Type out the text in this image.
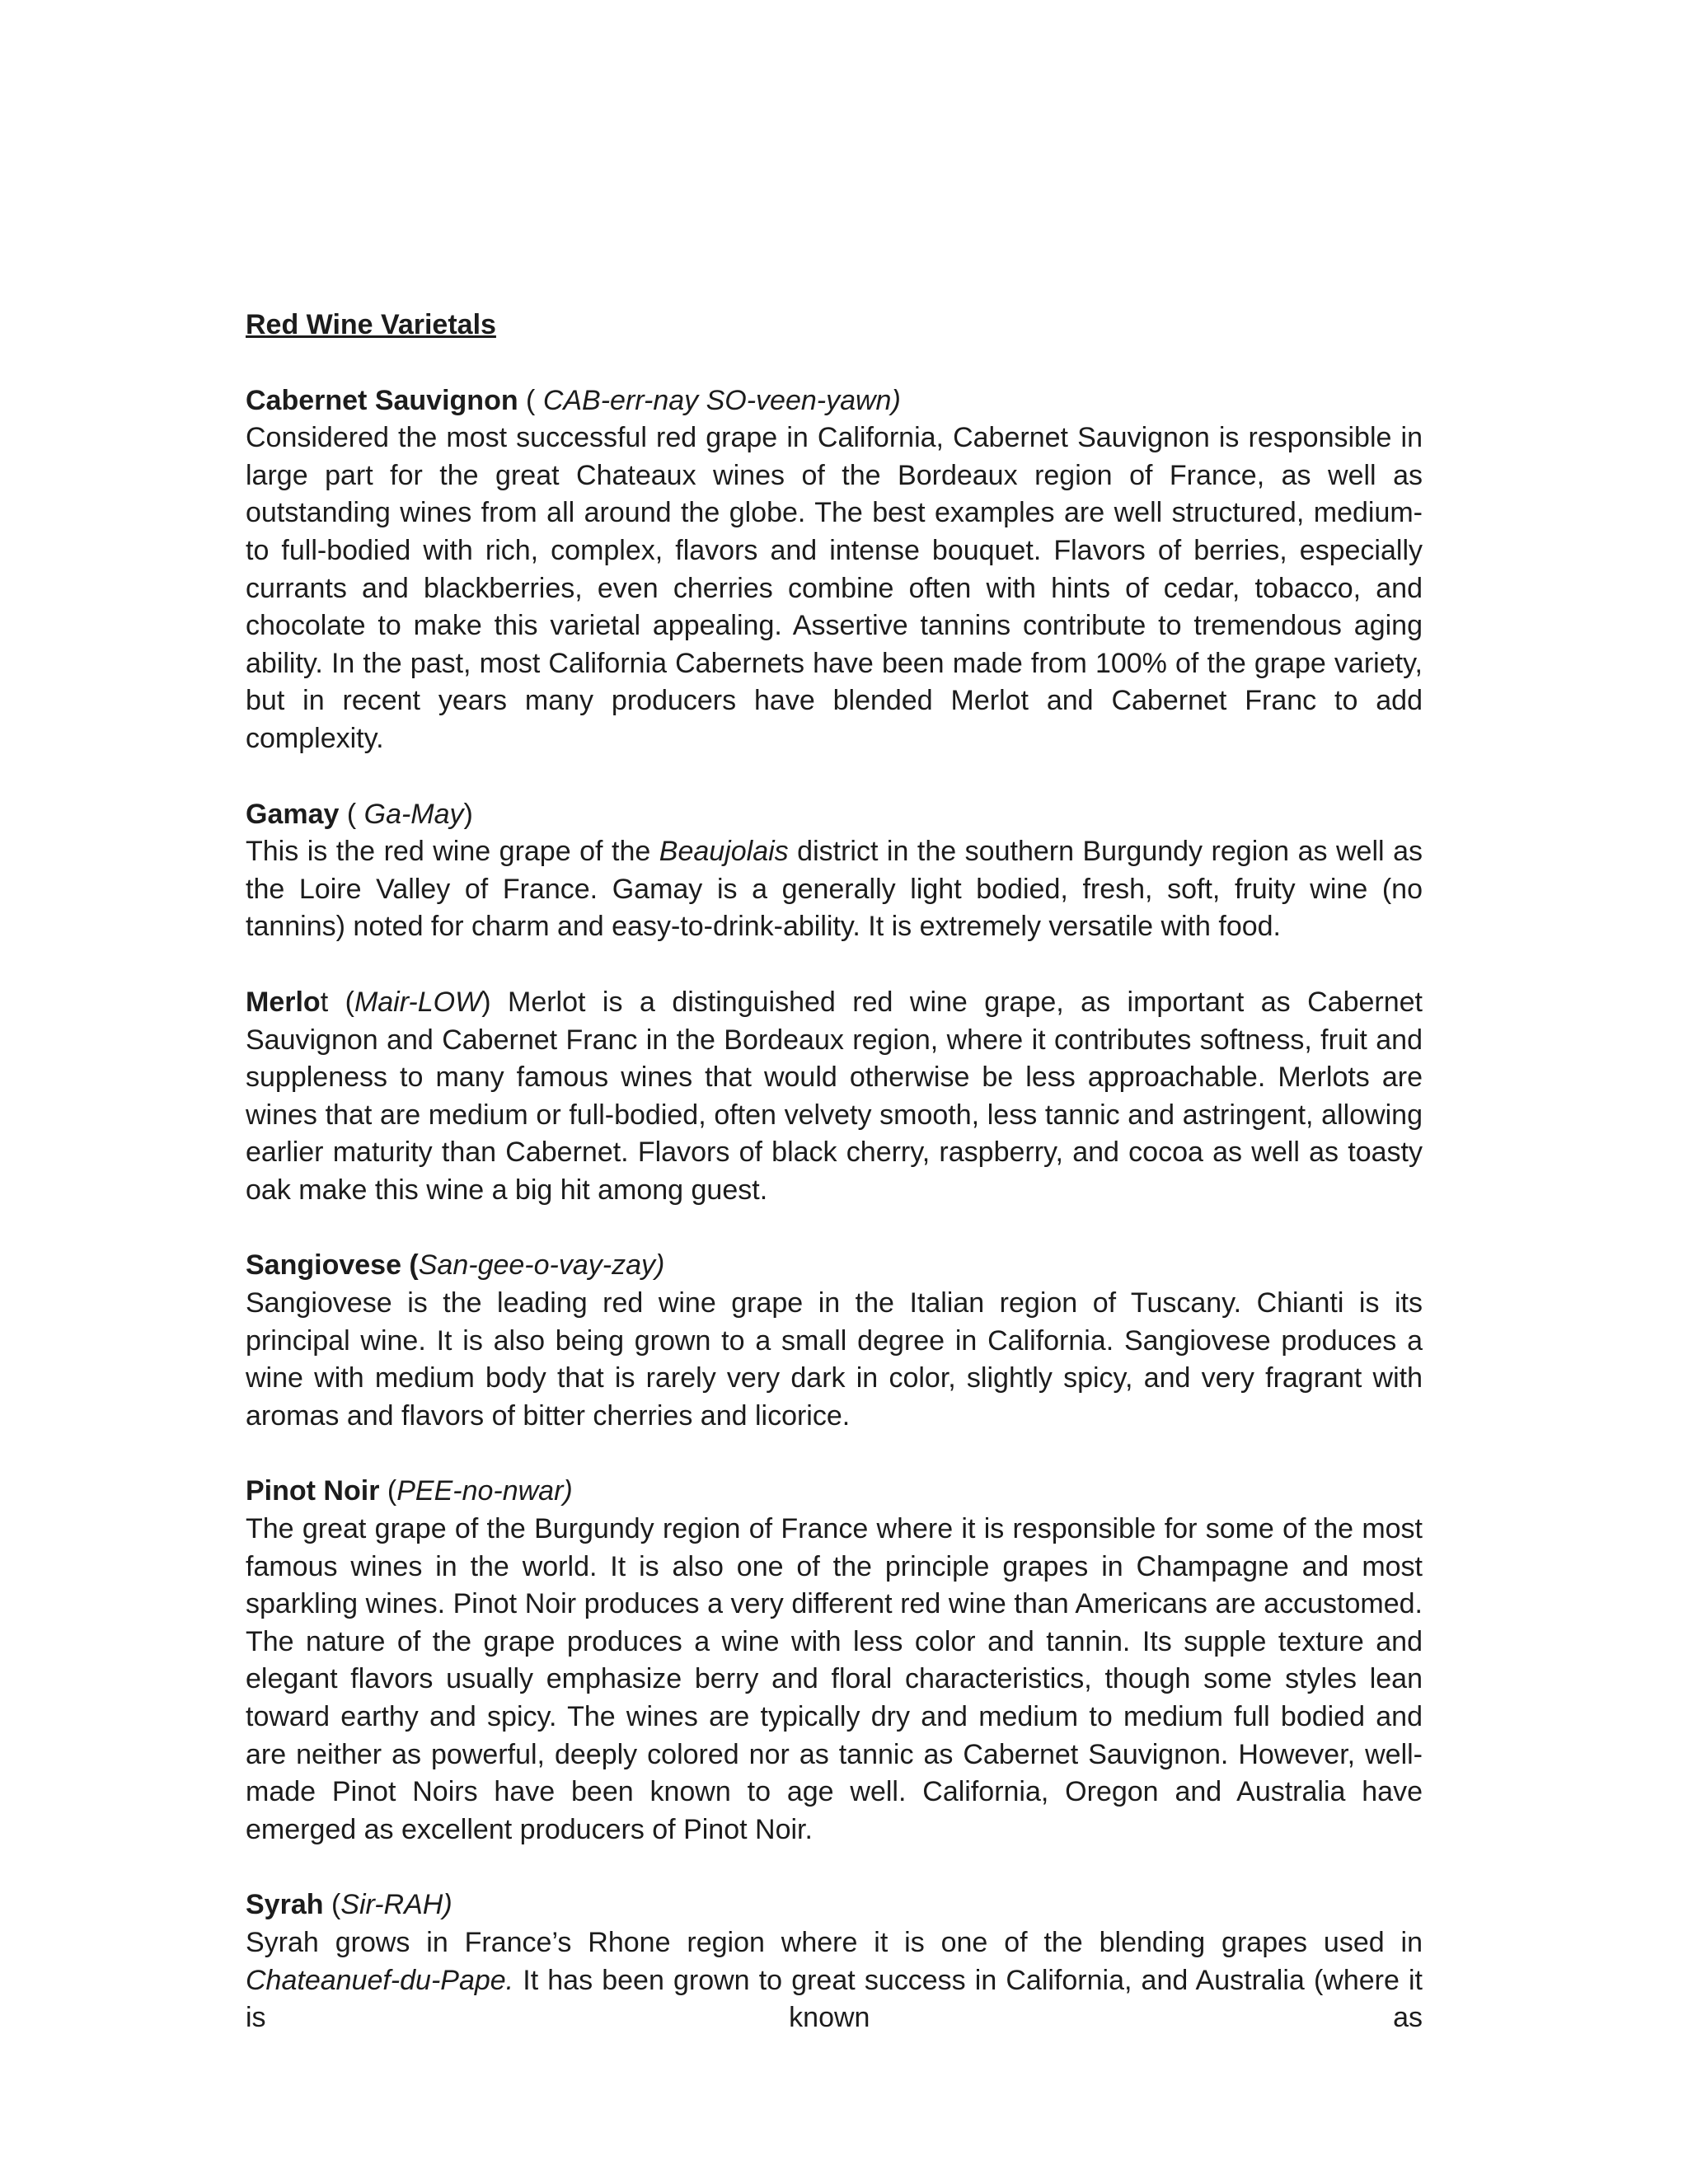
Red Wine Varietals
Cabernet Sauvignon ( CAB-err-nay SO-veen-yawn)

Considered the most successful red grape in California, Cabernet Sauvignon is responsible in large part for the great Chateaux wines of the Bordeaux region of France, as well as outstanding wines from all around the globe. The best examples are well structured, medium-to full-bodied with rich, complex, flavors and intense bouquet. Flavors of berries, especially currants and blackberries, even cherries combine often with hints of cedar, tobacco, and chocolate to make this varietal appealing. Assertive tannins contribute to tremendous aging ability. In the past, most California Cabernets have been made from 100% of the grape variety, but in recent years many producers have blended Merlot and Cabernet Franc to add complexity.

Gamay ( Ga-May)

This is the red wine grape of the Beaujolais district in the southern Burgundy region as well as the Loire Valley of France. Gamay is a generally light bodied, fresh, soft, fruity wine (no tannins) noted for charm and easy-to-drink-ability. It is extremely versatile with food.

Merlot (Mair-LOW) Merlot is a distinguished red wine grape, as important as Cabernet Sauvignon and Cabernet Franc in the Bordeaux region, where it contributes softness, fruit and suppleness to many famous wines that would otherwise be less approachable. Merlots are wines that are medium or full-bodied, often velvety smooth, less tannic and astringent, allowing earlier maturity than Cabernet. Flavors of black cherry, raspberry, and cocoa as well as toasty oak make this wine a big hit among guest.

Sangiovese (San-gee-o-vay-zay)

Sangiovese is the leading red wine grape in the Italian region of Tuscany. Chianti is its principal wine. It is also being grown to a small degree in California. Sangiovese produces a wine with medium body that is rarely very dark in color, slightly spicy, and very fragrant with aromas and flavors of bitter cherries and licorice.

Pinot Noir (PEE-no-nwar)

The great grape of the Burgundy region of France where it is responsible for some of the most famous wines in the world. It is also one of the principle grapes in Champagne and most sparkling wines. Pinot Noir produces a very different red wine than Americans are accustomed. The nature of the grape produces a wine with less color and tannin. Its supple texture and elegant flavors usually emphasize berry and floral characteristics, though some styles lean toward earthy and spicy. The wines are typically dry and medium to medium full bodied and are neither as powerful, deeply colored nor as tannic as Cabernet Sauvignon. However, well-made Pinot Noirs have been known to age well. California, Oregon and Australia have emerged as excellent producers of Pinot Noir.

Syrah (Sir-RAH)

Syrah grows in France’s Rhone region where it is one of the blending grapes used in Chateanuef-du-Pape. It has been grown to great success in California, and Australia (where it is known as
